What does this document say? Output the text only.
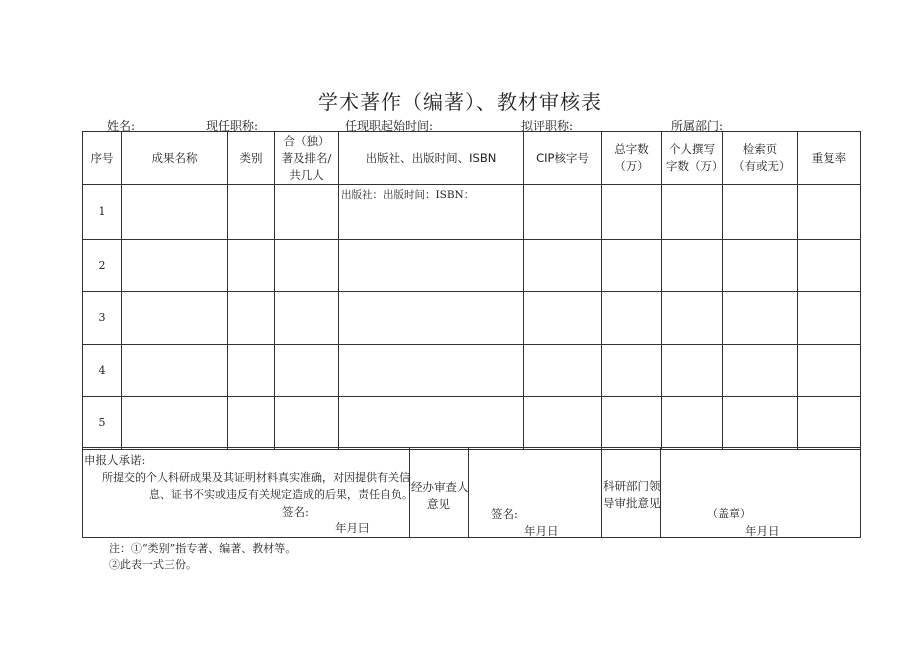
学术著作（编著）、教材审核表
姓名:	现任职称:	任现职起始时间:	拟评职称:	所属部门:
序号	成果名称	类别	合（独）著及排名/共几人	出版社、出版时间、ISBN	CIP核字号	总字数（万）	个人撰写字数（万）	检索页（有或无）	重复率
1				出版社：出版时间：ISBN：					
2									
3									
4									
5									
申报人承诺:
所提交的个人科研成果及其证明材料真实准确，对因提供有关信
息、证书不实或违反有关规定造成的后果，责任自负。
签名:
年月曰

经办审查人
意见

签名:
年月日

科研部门领
导审批意见

（盖章）
年月日
注：①“类别”指专著、编著、教材等。
②此表一式三份。
